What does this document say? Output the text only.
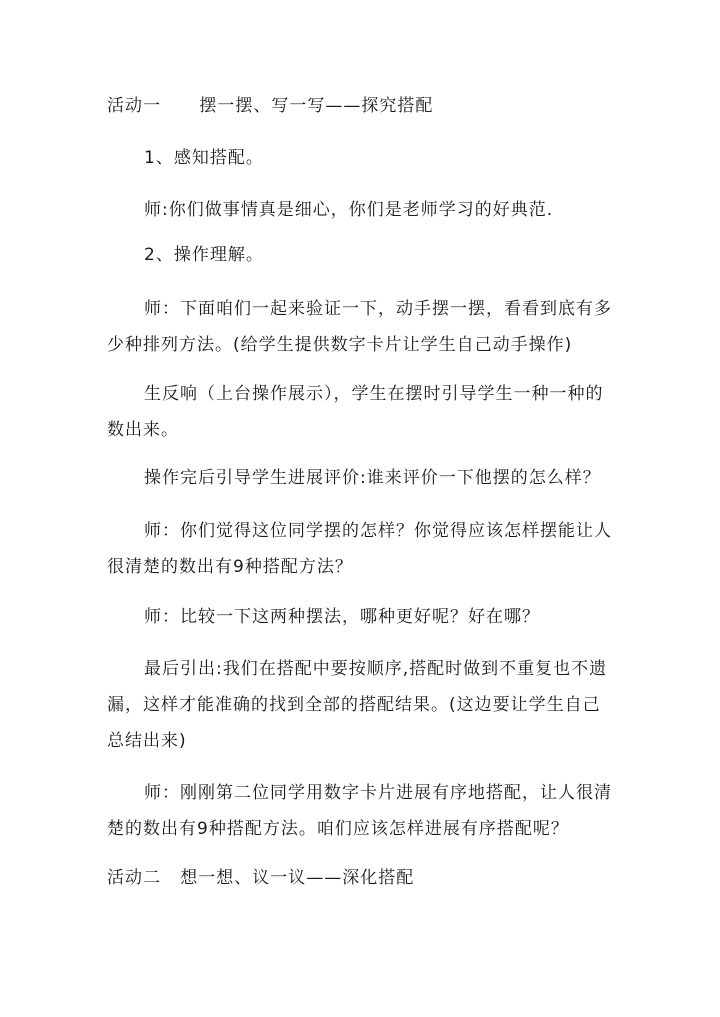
活动一      摆一摆、写一写——探究搭配

1、感知搭配。

师:你们做事情真是细心，你们是老师学习的好典范.

2、操作理解。

师：下面咱们一起来验证一下，动手摆一摆，看看到底有多少种排列方法。(给学生提供数字卡片让学生自己动手操作)

生反响（上台操作展示），学生在摆时引导学生一种一种的数出来。

操作完后引导学生进展评价:谁来评价一下他摆的怎么样？

师：你们觉得这位同学摆的怎样？你觉得应该怎样摆能让人很清楚的数出有9种搭配方法？

师：比较一下这两种摆法，哪种更好呢？好在哪？

最后引出:我们在搭配中要按顺序,搭配时做到不重复也不遗漏，这样才能准确的找到全部的搭配结果。(这边要让学生自己总结出来)

师：刚刚第二位同学用数字卡片进展有序地搭配，让人很清楚的数出有9种搭配方法。咱们应该怎样进展有序搭配呢？

活动二   想一想、议一议——深化搭配
